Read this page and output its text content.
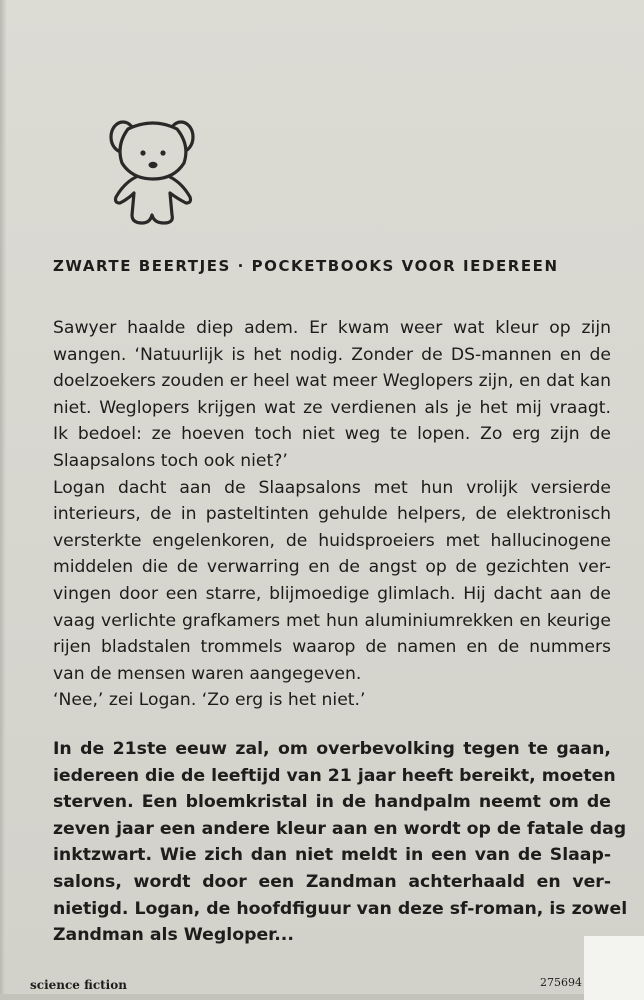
ZWARTE BEERTJES · POCKETBOOKS VOOR IEDEREEN
Sawyer haalde diep adem. Er kwam weer wat kleur op zijn
wangen. ‘Natuurlijk is het nodig. Zonder de DS-mannen en de
doelzoekers zouden er heel wat meer Weglopers zijn, en dat kan
niet. Weglopers krijgen wat ze verdienen als je het mij vraagt.
Ik bedoel: ze hoeven toch niet weg te lopen. Zo erg zijn de
Slaapsalons toch ook niet?’
Logan dacht aan de Slaapsalons met hun vrolijk versierde
interieurs, de in pasteltinten gehulde helpers, de elektronisch
versterkte engelenkoren, de huidsproeiers met hallucinogene
middelen die de verwarring en de angst op de gezichten ver-
vingen door een starre, blijmoedige glimlach. Hij dacht aan de
vaag verlichte grafkamers met hun aluminiumrekken en keurige
rijen bladstalen trommels waarop de namen en de nummers
van de mensen waren aangegeven.
‘Nee,’ zei Logan. ‘Zo erg is het niet.’
In de 21ste eeuw zal, om overbevolking tegen te gaan,
iedereen die de leeftijd van 21 jaar heeft bereikt, moeten
sterven. Een bloemkristal in de handpalm neemt om de
zeven jaar een andere kleur aan en wordt op de fatale dag
inktzwart. Wie zich dan niet meldt in een van de Slaap-
salons, wordt door een Zandman achterhaald en ver-
nietigd. Logan, de hoofdfiguur van deze sf-roman, is zowel
Zandman als Wegloper...
science fiction	275694
